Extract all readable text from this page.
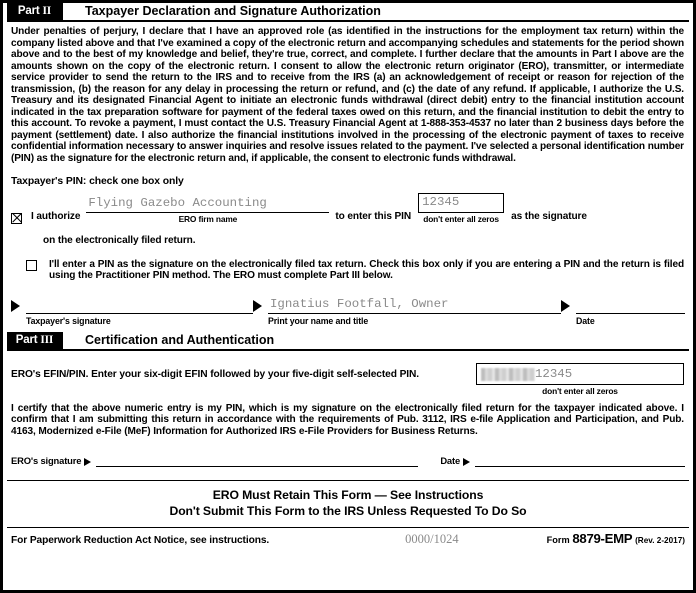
Part II	Taxpayer Declaration and Signature Authorization

Under penalties of perjury, I declare that I have an approved role (as identified in the instructions for the employment tax return) within the company listed above and that I've examined a copy of the electronic return and accompanying schedules and statements for the period shown above and to the best of my knowledge and belief, they're true, correct, and complete. I further declare that the amounts in Part I above are the amounts shown on the copy of the electronic return. I consent to allow the electronic return originator (ERO), transmitter, or intermediate service provider to send the return to the IRS and to receive from the IRS (a) an acknowledgement of receipt or reason for rejection of the transmission, (b) the reason for any delay in processing the return or refund, and (c) the date of any refund. If applicable, I authorize the U.S. Treasury and its designated Financial Agent to initiate an electronic funds withdrawal (direct debit) entry to the financial institution account indicated in the tax preparation software for payment of the federal taxes owed on this return, and the financial institution to debit the entry to this account. To revoke a payment, I must contact the U.S. Treasury Financial Agent at 1-888-353-4537 no later than 2 business days before the payment (settlement) date. I also authorize the financial institutions involved in the processing of the electronic payment of taxes to receive confidential information necessary to answer inquiries and resolve issues related to the payment. I've selected a personal identification number (PIN) as the signature for the electronic return and, if applicable, the consent to electronic funds withdrawal.

Taxpayer's PIN: check one box only
I authorize
Flying Gazebo Accounting
ERO firm name	to enter this PIN
12345
don't enter all zeros	as the signature
on the electronically filed return.
I'll enter a PIN as the signature on the electronically filed tax return. Check this box only if you are entering a PIN and the return is filed using the Practitioner PIN method. The ERO must complete Part III below.
Taxpayer's signature
Ignatius Footfall, Owner
Print your name and title	Date
Part III	Certification and Authentication
ERO's EFIN/PIN. Enter your six-digit EFIN followed by your five-digit self-selected PIN.	12345
don't enter all zeros

I certify that the above numeric entry is my PIN, which is my signature on the electronically filed return for the taxpayer indicated above. I confirm that I am submitting this return in accordance with the requirements of Pub. 3112, IRS e-file Application and Participation, and Pub. 4163, Modernized e-File (MeF) Information for Authorized IRS e-File Providers for Business Returns.

ERO's signature	Date
ERO Must Retain This Form — See Instructions
Don't Submit This Form to the IRS Unless Requested To Do So
For Paperwork Reduction Act Notice, see instructions.	0000/1024	Form 8879-EMP (Rev. 2-2017)
